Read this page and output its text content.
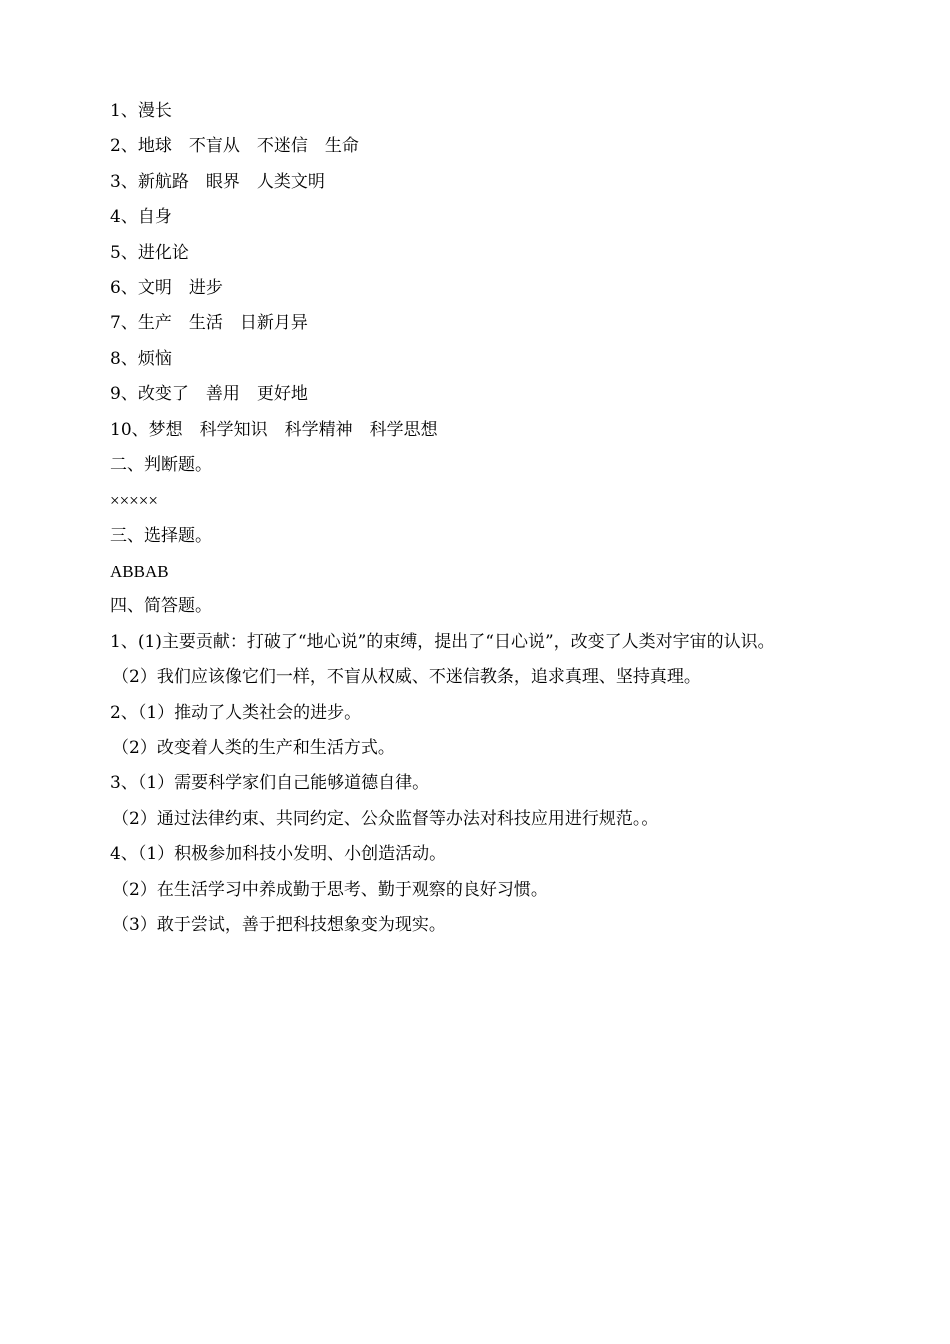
1、漫长
2、地球　不盲从　不迷信　生命
3、新航路　眼界　人类文明
4、自身
5、进化论
6、文明　进步
7、生产　生活　日新月异
8、烦恼
9、改变了　善用　更好地
10、梦想　科学知识　科学精神　科学思想
二、判断题。
×××××
三、选择题。
ABBAB
四、简答题。
1、(1)主要贡献：打破了“地心说”的束缚，提出了“日心说”，改变了人类对宇宙的认识。
（2）我们应该像它们一样，不盲从权威、不迷信教条，追求真理、坚持真理。
2、（1）推动了人类社会的进步。
（2）改变着人类的生产和生活方式。
3、（1）需要科学家们自己能够道德自律。
（2）通过法律约束、共同约定、公众监督等办法对科技应用进行规范。。
4、（1）积极参加科技小发明、小创造活动。
（2）在生活学习中养成勤于思考、勤于观察的良好习惯。
（3）敢于尝试，善于把科技想象变为现实。
